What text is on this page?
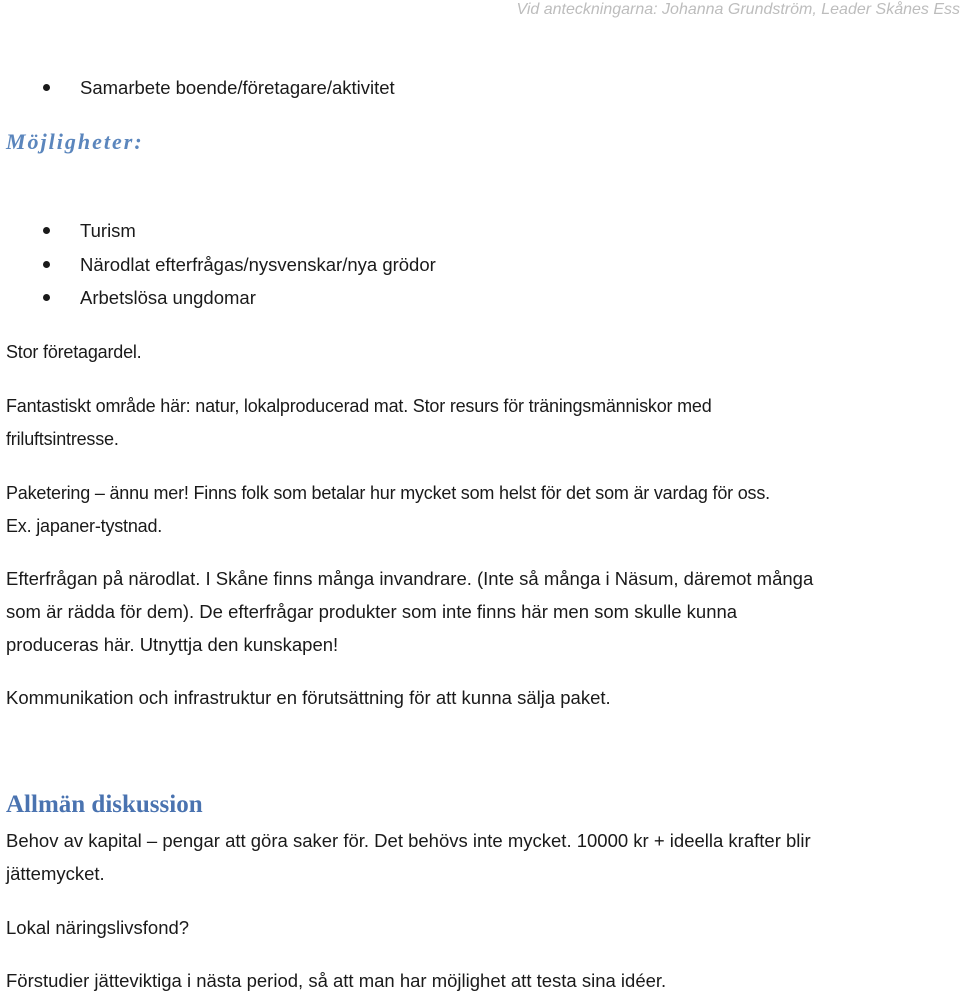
Vid anteckningarna: Johanna Grundström, Leader Skånes Ess

Samarbete boende/företagare/aktivitet

Möjligheter:

Turism

Närodlat efterfrågas/nysvenskar/nya grödor

Arbetslösa ungdomar

Stor företagardel.

Fantastiskt område här: natur, lokalproducerad mat. Stor resurs för träningsmänniskor med

friluftsintresse.

Paketering – ännu mer! Finns folk som betalar hur mycket som helst för det som är vardag för oss.

Ex. japaner-tystnad.

Efterfrågan på närodlat. I Skåne finns många invandrare. (Inte så många i Näsum, däremot många

som är rädda för dem). De efterfrågar produkter som inte finns här men som skulle kunna

produceras här. Utnyttja den kunskapen!

Kommunikation och infrastruktur en förutsättning för att kunna sälja paket.

Allmän diskussion

Behov av kapital – pengar att göra saker för. Det behövs inte mycket. 10000 kr + ideella krafter blir

jättemycket.

Lokal näringslivsfond?

Förstudier jätteviktiga i nästa period, så att man har möjlighet att testa sina idéer.
